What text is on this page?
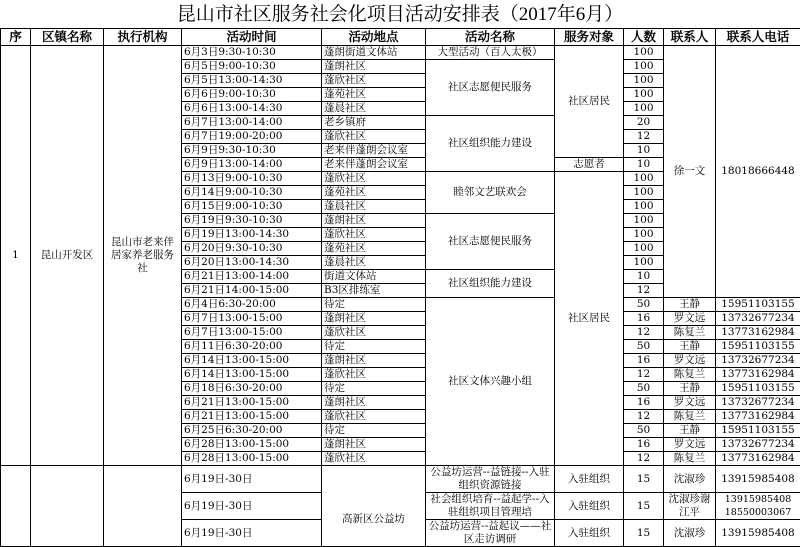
昆山市社区服务社会化项目活动安排表（2017年6月）
序	区镇名称	执行机构	活动时间	活动地点	活动名称	服务对象	人数	联系人	联系人电话
1	昆山开发区	昆山市老来伴居家养老服务社	6月3日9:30-10:30	蓬朗街道文体站	大型活动（百人太极）	社区居民	100	徐一文	18018666448
			6月5日9:00-10:30	蓬朗社区	社区志愿便民服务		100		
			6月5日13:00-14:30	蓬欣社区			100		
			6月6日9:00-10:30	蓬苑社区			100		
			6月6日13:00-14:30	蓬晨社区			100		
			6月7日13:00-14:00	老乡镇府	社区组织能力建设		20		
			6月7日19:00-20:00	蓬欣社区			12		
			6月9日9:30-10:30	老来伴蓬朗会议室			10		
			6月9日13:00-14:00	老来伴蓬朗会议室		志愿者	10		
			6月13日9:00-10:30	蓬欣社区	睦邻文艺联欢会	社区居民	100		
			6月14日9:00-10:30	蓬苑社区			100		
			6月15日9:00-10:30	蓬晨社区			100		
			6月19日9:30-10:30	蓬朗社区	社区志愿便民服务		100		
			6月19日13:00-14:30	蓬欣社区			100		
			6月20日9:30-10:30	蓬苑社区			100		
			6月20日13:00-14:30	蓬晨社区			100		
			6月21日13:00-14:00	街道文体站	社区组织能力建设		10		
			6月21日14:00-15:00	B3区排练室			12		
			6月4日6:30-20:00	待定	社区文体兴趣小组		50	王静	15951103155
			6月7日13:00-15:00	蓬朗社区			16	罗文远	13732677234
			6月7日13:00-15:00	蓬欣社区			12	陈复兰	13773162984
			6月11日6:30-20:00	待定			50	王静	15951103155
			6月14日13:00-15:00	蓬朗社区			16	罗文远	13732677234
			6月14日13:00-15:00	蓬欣社区			12	陈复兰	13773162984
			6月18日6:30-20:00	待定			50	王静	15951103155
			6月21日13:00-15:00	蓬朗社区			16	罗文远	13732677234
			6月21日13:00-15:00	蓬欣社区			12	陈复兰	13773162984
			6月25日6:30-20:00	待定			50	王静	15951103155
			6月28日13:00-15:00	蓬朗社区			16	罗文远	13732677234
			6月28日13:00-15:00	蓬欣社区			12	陈复兰	13773162984
			6月19日-30日	高新区公益坊	公益坊运营--益链接--入驻组织资源链接	入驻组织	15	沈淑珍	13915985408
			6月19日-30日		社会组织培育--益起学--入驻组织项目管理培	入驻组织	15	沈淑珍谢江平	13915985408 18550003067
			6月19日-30日		公益坊运营--益起议——社区走访调研	入驻组织	15	沈淑珍	13915985408
